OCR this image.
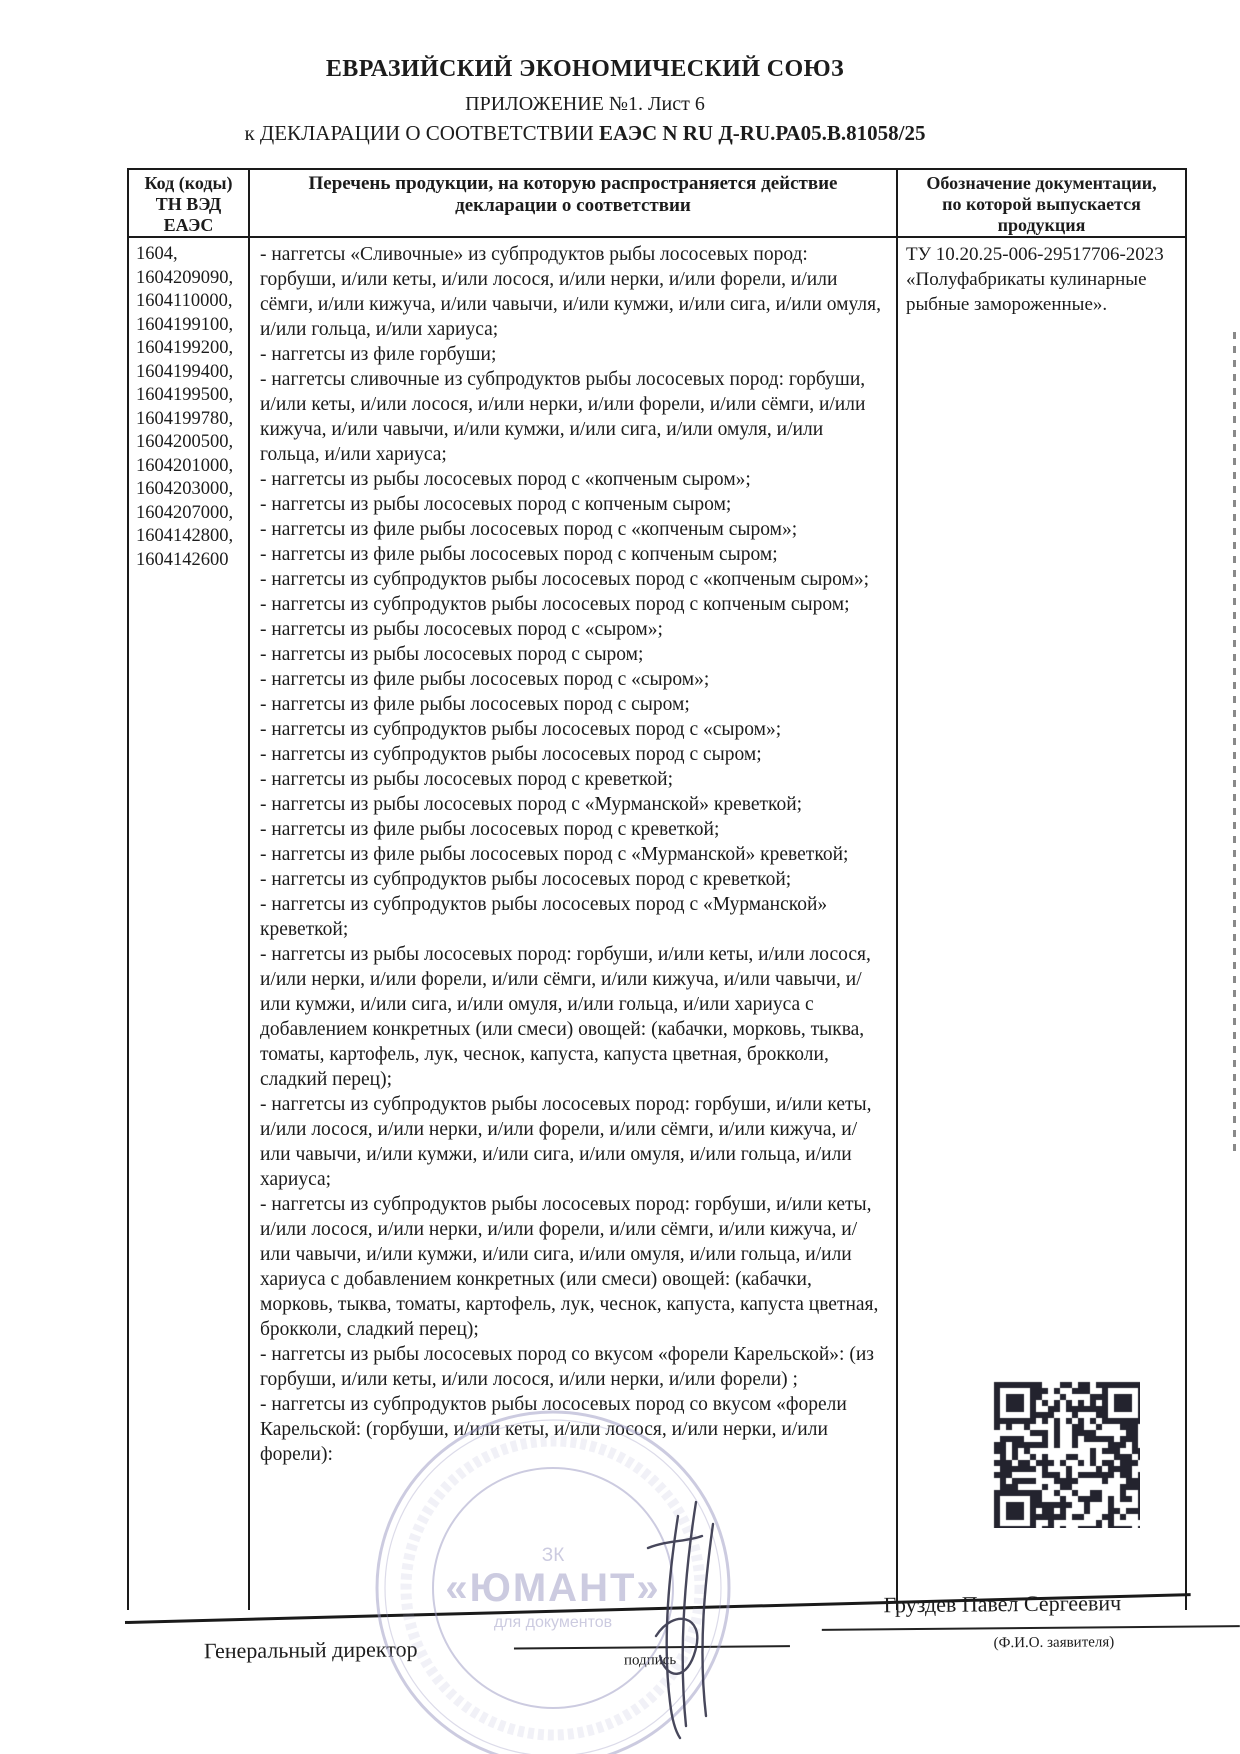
ЕВРАЗИЙСКИЙ ЭКОНОМИЧЕСКИЙ СОЮЗ
ПРИЛОЖЕНИЕ №1. Лист 6
к ДЕКЛАРАЦИИ О СООТВЕТСТВИИ ЕАЭС N RU Д-RU.РА05.В.81058/25
Код (коды)
ТН ВЭД
ЕАЭС
Перечень продукции, на которую распространяется действие декларации о соответствии
Обозначение документации,
по которой выпускается
продукция
1604,
1604209090,
1604110000,
1604199100,
1604199200,
1604199400,
1604199500,
1604199780,
1604200500,
1604201000,
1604203000,
1604207000,
1604142800,
1604142600
- наггетсы «Сливочные» из субпродуктов рыбы лососевых пород: горбуши, и/или кеты, и/или лосося, и/или нерки, и/или форели, и/или сёмги, и/или кижуча, и/или чавычи, и/или кумжи, и/или сига, и/или омуля, и/или гольца, и/или хариуса;
- наггетсы из филе горбуши;
- наггетсы сливочные из субпродуктов рыбы лососевых пород: горбуши, и/или кеты, и/или лосося, и/или нерки, и/или форели, и/или сёмги, и/или кижуча, и/или чавычи, и/или кумжи, и/или сига, и/или омуля, и/или гольца, и/или хариуса;
- наггетсы из рыбы лососевых пород с «копченым сыром»;
- наггетсы из рыбы лососевых пород с копченым сыром;
- наггетсы из филе рыбы лососевых пород с «копченым сыром»;
- наггетсы из филе рыбы лососевых пород с копченым сыром;
- наггетсы из субпродуктов рыбы лососевых пород с «копченым сыром»;
- наггетсы из субпродуктов рыбы лососевых пород с копченым сыром;
- наггетсы из рыбы лососевых пород с «сыром»;
- наггетсы из рыбы лососевых пород с сыром;
- наггетсы из филе рыбы лососевых пород с «сыром»;
- наггетсы из филе рыбы лососевых пород с сыром;
- наггетсы из субпродуктов рыбы лососевых пород с «сыром»;
- наггетсы из субпродуктов рыбы лососевых пород с сыром;
- наггетсы из рыбы лососевых пород с креветкой;
- наггетсы из рыбы лососевых пород с «Мурманской» креветкой;
- наггетсы из филе рыбы лососевых пород с креветкой;
- наггетсы из филе рыбы лососевых пород с «Мурманской» креветкой;
- наггетсы из субпродуктов рыбы лососевых пород с креветкой;
- наггетсы из субпродуктов рыбы лососевых пород с «Мурманской» креветкой;
- наггетсы из рыбы лососевых пород: горбуши, и/или кеты, и/или лосося, и/или нерки, и/или форели, и/или сёмги, и/или кижуча, и/или чавычи, и/или кумжи, и/или сига, и/или омуля, и/или гольца, и/или хариуса с добавлением конкретных (или смеси) овощей: (кабачки, морковь, тыква, томаты, картофель, лук, чеснок, капуста, капуста цветная, брокколи, сладкий перец);
- наггетсы из субпродуктов рыбы лососевых пород: горбуши, и/или кеты, и/или лосося, и/или нерки, и/или форели, и/или сёмги, и/или кижуча, и/или чавычи, и/или кумжи, и/или сига, и/или омуля, и/или гольца, и/или хариуса;
- наггетсы из субпродуктов рыбы лососевых пород: горбуши, и/или кеты, и/или лосося, и/или нерки, и/или форели, и/или сёмги, и/или кижуча, и/или чавычи, и/или кумжи, и/или сига, и/или омуля, и/или гольца, и/или хариуса с добавлением конкретных (или смеси) овощей: (кабачки, морковь, тыква, томаты, картофель, лук, чеснок, капуста, капуста цветная, брокколи, сладкий перец);
- наггетсы из рыбы лососевых пород со вкусом «форели Карельской»: (из горбуши, и/или кеты, и/или лосося, и/или нерки, и/или форели) ;
- наггетсы из субпродуктов рыбы лососевых пород со вкусом «форели Карельской: (горбуши, и/или кеты, и/или лосося, и/или нерки, и/или форели):
ТУ 10.20.25-006-29517706-2023
«Полуфабрикаты кулинарные
рыбные замороженные».
ЗК
«ЮМАНТ»
для документов
Генеральный директор	подпись
Груздев Павел Сергеевич
(Ф.И.О. заявителя)
